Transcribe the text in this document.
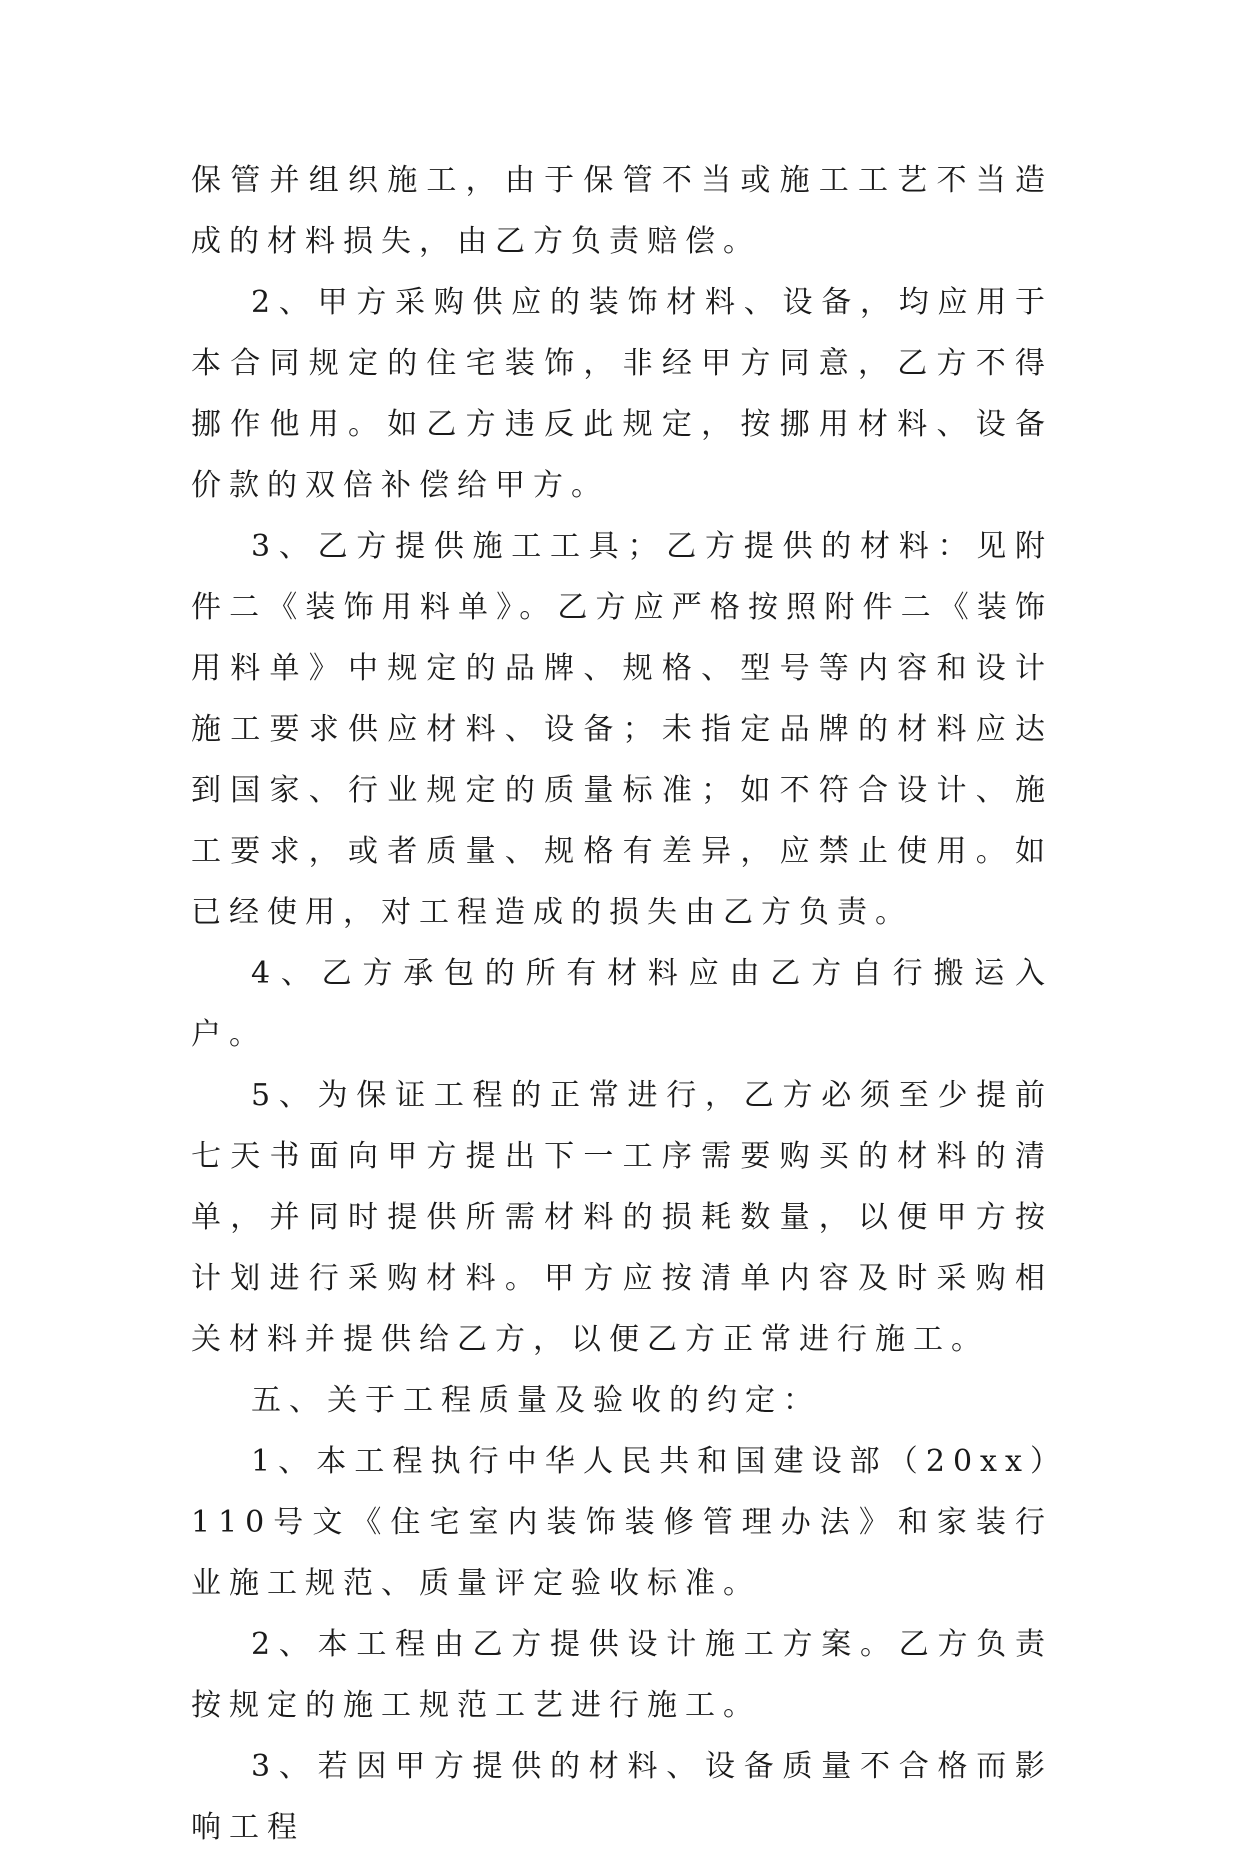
保管并组织施工，由于保管不当或施工工艺不当造成的材料损失，由乙方负责赔偿。

2、甲方采购供应的装饰材料、设备，均应用于本合同规定的住宅装饰，非经甲方同意，乙方不得挪作他用。如乙方违反此规定，按挪用材料、设备价款的双倍补偿给甲方。

3、乙方提供施工工具；乙方提供的材料：见附件二《装饰用料单》。乙方应严格按照附件二《装饰用料单》中规定的品牌、规格、型号等内容和设计施工要求供应材料、设备；未指定品牌的材料应达到国家、行业规定的质量标准；如不符合设计、施工要求，或者质量、规格有差异，应禁止使用。如已经使用，对工程造成的损失由乙方负责。

4、乙方承包的所有材料应由乙方自行搬运入户。

5、为保证工程的正常进行，乙方必须至少提前七天书面向甲方提出下一工序需要购买的材料的清单，并同时提供所需材料的损耗数量，以便甲方按计划进行采购材料。甲方应按清单内容及时采购相关材料并提供给乙方，以便乙方正常进行施工。

五、关于工程质量及验收的约定：

1、本工程执行中华人民共和国建设部（20xx）110号文《住宅室内装饰装修管理办法》和家装行业施工规范、质量评定验收标准。

2、本工程由乙方提供设计施工方案。乙方负责按规定的施工规范工艺进行施工。

3、若因甲方提供的材料、设备质量不合格而影响工程
